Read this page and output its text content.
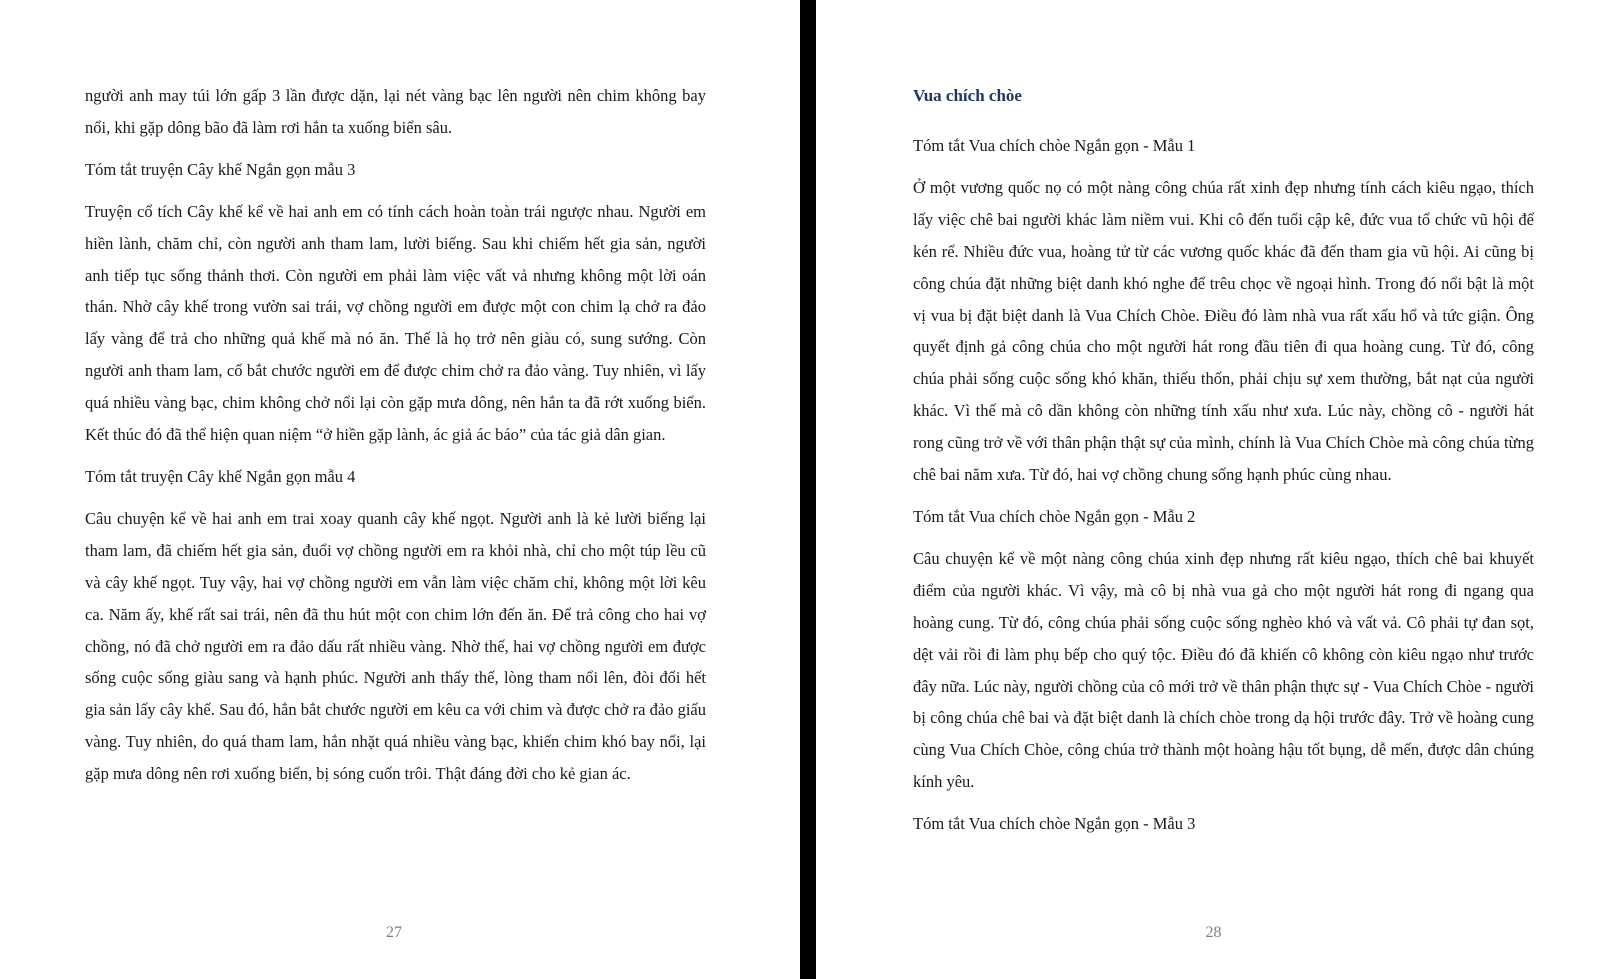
người anh may túi lớn gấp 3 lần được dặn, lại nét vàng bạc lên người nên chim không bay nổi, khi gặp dông bão đã làm rơi hắn ta xuống biển sâu.

Tóm tắt truyện Cây khế Ngắn gọn mẫu 3

Truyện cổ tích Cây khế kể về hai anh em có tính cách hoàn toàn trái ngược nhau. Người em hiền lành, chăm chỉ, còn người anh tham lam, lười biếng. Sau khi chiếm hết gia sản, người anh tiếp tục sống thảnh thơi. Còn người em phải làm việc vất vả nhưng không một lời oán thán. Nhờ cây khế trong vườn sai trái, vợ chồng người em được một con chim lạ chở ra đảo lấy vàng để trả cho những quả khế mà nó ăn. Thế là họ trở nên giàu có, sung sướng. Còn người anh tham lam, cố bắt chước người em để được chim chở ra đảo vàng. Tuy nhiên, vì lấy quá nhiều vàng bạc, chim không chở nổi lại còn gặp mưa dông, nên hắn ta đã rớt xuống biển. Kết thúc đó đã thể hiện quan niệm “ở hiền gặp lành, ác giả ác báo” của tác giả dân gian.

Tóm tắt truyện Cây khế Ngắn gọn mẫu 4

Câu chuyện kể về hai anh em trai xoay quanh cây khế ngọt. Người anh là kẻ lười biếng lại tham lam, đã chiếm hết gia sản, đuổi vợ chồng người em ra khỏi nhà, chỉ cho một túp lều cũ và cây khế ngọt. Tuy vậy, hai vợ chồng người em vẫn làm việc chăm chỉ, không một lời kêu ca. Năm ấy, khế rất sai trái, nên đã thu hút một con chim lớn đến ăn. Để trả công cho hai vợ chồng, nó đã chở người em ra đảo dấu rất nhiều vàng. Nhờ thế, hai vợ chồng người em được sống cuộc sống giàu sang và hạnh phúc. Người anh thấy thế, lòng tham nổi lên, đòi đổi hết gia sản lấy cây khế. Sau đó, hắn bắt chước người em kêu ca với chim và được chở ra đảo giấu vàng. Tuy nhiên, do quá tham lam, hắn nhặt quá nhiều vàng bạc, khiến chim khó bay nổi, lại gặp mưa dông nên rơi xuống biển, bị sóng cuốn trôi. Thật đáng đời cho kẻ gian ác.

27
Vua chích chòe

Tóm tắt Vua chích chòe Ngắn gọn - Mẫu 1

Ở một vương quốc nọ có một nàng công chúa rất xinh đẹp nhưng tính cách kiêu ngạo, thích lấy việc chê bai người khác làm niềm vui. Khi cô đến tuổi cập kê, đức vua tổ chức vũ hội để kén rể. Nhiều đức vua, hoàng tử từ các vương quốc khác đã đến tham gia vũ hội. Ai cũng bị công chúa đặt những biệt danh khó nghe để trêu chọc về ngoại hình. Trong đó nổi bật là một vị vua bị đặt biệt danh là Vua Chích Chòe. Điều đó làm nhà vua rất xấu hổ và tức giận. Ông quyết định gả công chúa cho một người hát rong đầu tiên đi qua hoàng cung. Từ đó, công chúa phải sống cuộc sống khó khăn, thiếu thốn, phải chịu sự xem thường, bắt nạt của người khác. Vì thế mà cô dần không còn những tính xấu như xưa. Lúc này, chồng cô - người hát rong cũng trở về với thân phận thật sự của mình, chính là Vua Chích Chòe mà công chúa từng chê bai năm xưa. Từ đó, hai vợ chồng chung sống hạnh phúc cùng nhau.

Tóm tắt Vua chích chòe Ngắn gọn - Mẫu 2

Câu chuyện kể về một nàng công chúa xinh đẹp nhưng rất kiêu ngạo, thích chê bai khuyết điểm của người khác. Vì vậy, mà cô bị nhà vua gả cho một người hát rong đi ngang qua hoàng cung. Từ đó, công chúa phải sống cuộc sống nghèo khó và vất vả. Cô phải tự đan sọt, dệt vải rồi đi làm phụ bếp cho quý tộc. Điều đó đã khiến cô không còn kiêu ngạo như trước đây nữa. Lúc này, người chồng của cô mới trở về thân phận thực sự - Vua Chích Chòe - người bị công chúa chê bai và đặt biệt danh là chích chòe trong dạ hội trước đây. Trở về hoàng cung cùng Vua Chích Chòe, công chúa trở thành một hoàng hậu tốt bụng, dễ mến, được dân chúng kính yêu.

Tóm tắt Vua chích chòe Ngắn gọn - Mẫu 3

28
